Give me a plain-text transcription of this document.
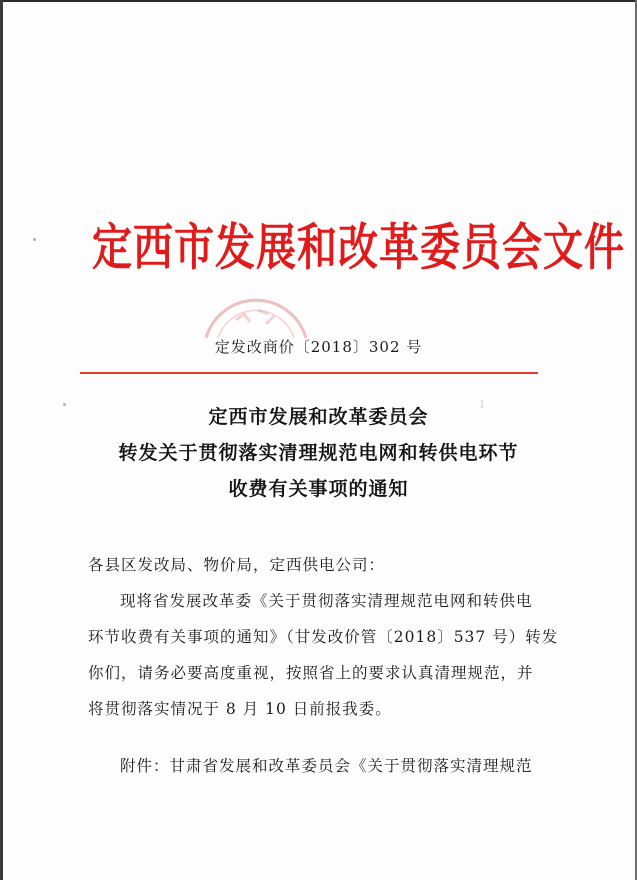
定西市发展和改革委员会文件
定发改商价〔2018〕302 号
Ⅰ
定西市发展和改革委员会
转发关于贯彻落实清理规范电网和转供电环节
收费有关事项的通知
各县区发改局、物价局，定西供电公司：
现将省发展改革委《关于贯彻落实清理规范电网和转供电
环节收费有关事项的通知》（甘发改价管〔2018〕537 号）转发
你们，请务必要高度重视，按照省上的要求认真清理规范，并
将贯彻落实情况于 8 月 10 日前报我委。
附件：甘肃省发展和改革委员会《关于贯彻落实清理规范
